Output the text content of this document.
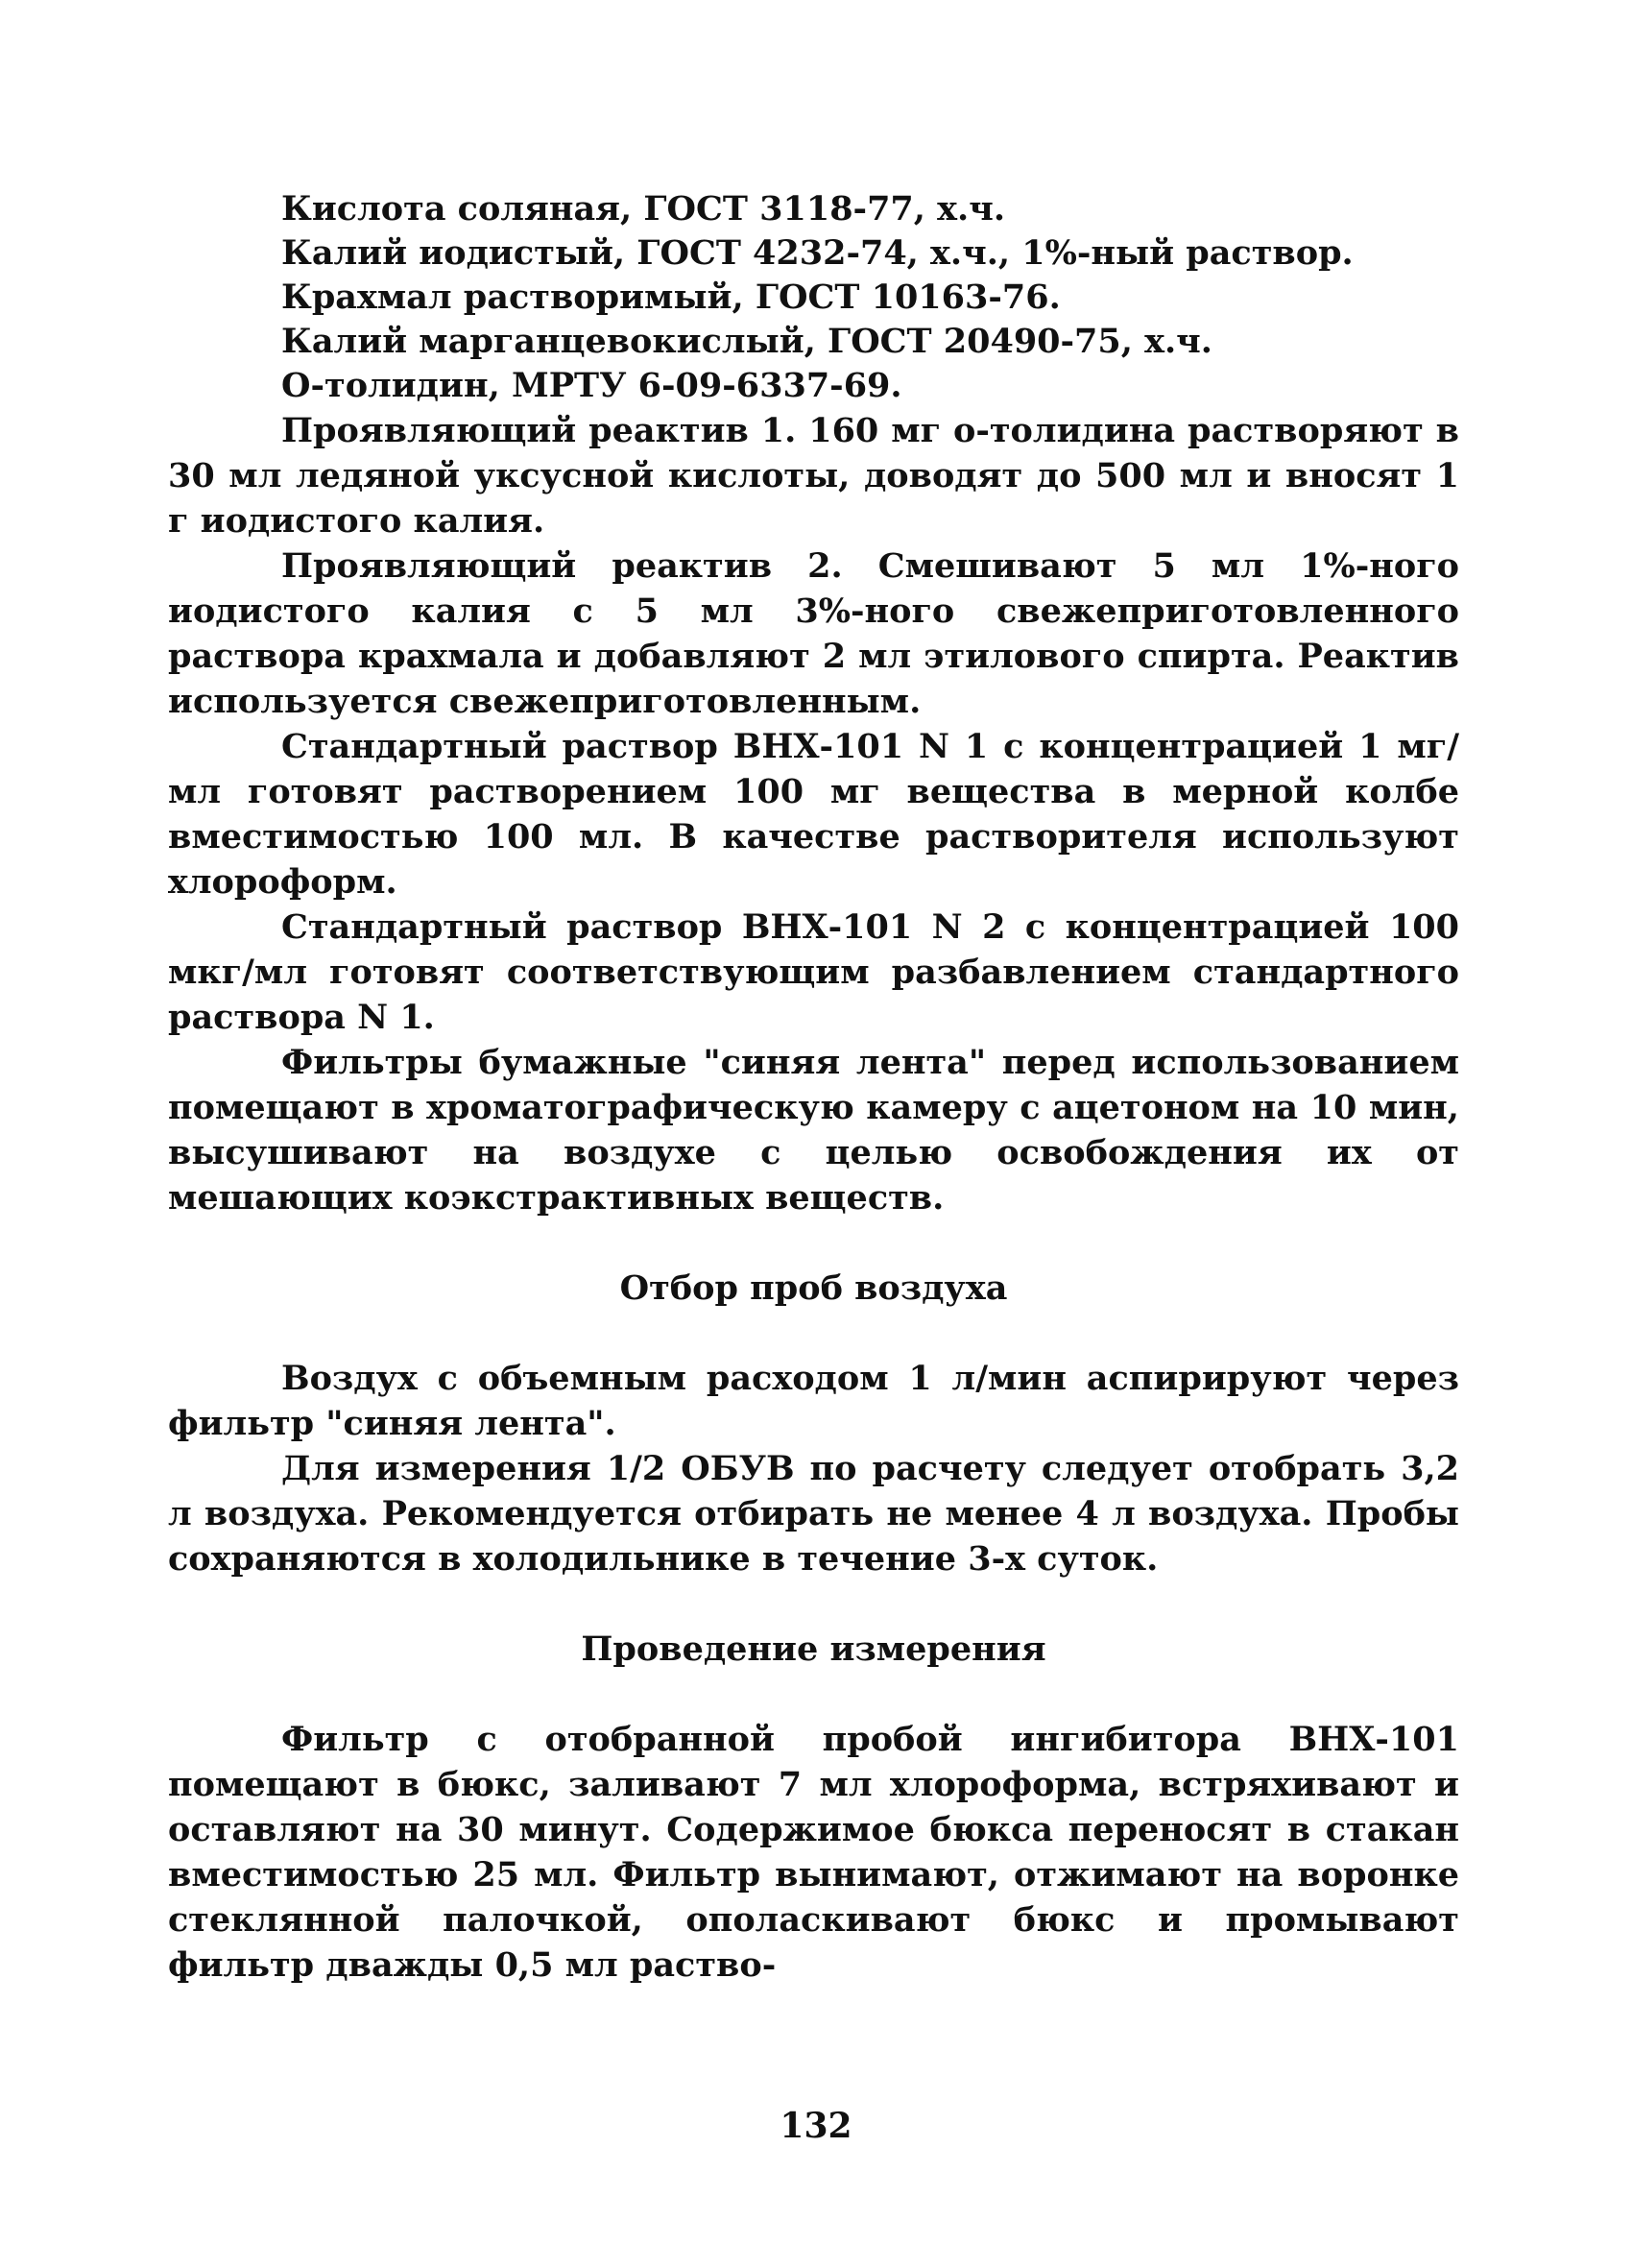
Кислота соляная, ГОСТ 3118-77, х.ч.

Калий иодистый, ГОСТ 4232-74, х.ч., 1%-ный раствор.

Крахмал растворимый, ГОСТ 10163-76.

Калий марганцевокислый, ГОСТ 20490-75, х.ч.

О-толидин, МРТУ 6-09-6337-69.

Проявляющий реактив 1. 160 мг о-толидина растворяют в 30 мл ледяной уксусной кислоты, доводят до 500 мл и вносят 1 г иодистого калия.

Проявляющий реактив 2. Смешивают 5 мл 1%-ного иодистого калия с 5 мл 3%-ного свежеприготовленного раствора крахмала и добавляют 2 мл этилового спирта. Реактив используется свежеприготовленным.

Стандартный раствор ВНХ-101 N 1 с концентрацией 1 мг/мл готовят растворением 100 мг вещества в мерной колбе вместимостью 100 мл. В качестве растворителя используют хлороформ.

Стандартный раствор ВНХ-101 N 2 с концентрацией 100 мкг/мл готовят соответствующим разбавлением стандартного раствора N 1.

Фильтры бумажные "синяя лента" перед использованием помещают в хроматографическую камеру с ацетоном на 10 мин, высушивают на воздухе с целью освобождения их от мешающих коэкстрактивных веществ.

Отбор проб воздуха

Воздух с объемным расходом 1 л/мин аспирируют через фильтр "синяя лента".

Для измерения 1/2 ОБУВ по расчету следует отобрать 3,2 л воздуха. Рекомендуется отбирать не менее 4 л воздуха. Пробы сохраняются в холодильнике в течение 3-х суток.

Проведение измерения

Фильтр с отобранной пробой ингибитора ВНХ-101 помещают в бюкс, заливают 7 мл хлороформа, встряхивают и оставляют на 30 минут. Содержимое бюкса переносят в стакан вместимостью 25 мл. Фильтр вынимают, отжимают на воронке стеклянной палочкой, ополаскивают бюкс и промывают фильтр дважды 0,5 мл раство-

132
